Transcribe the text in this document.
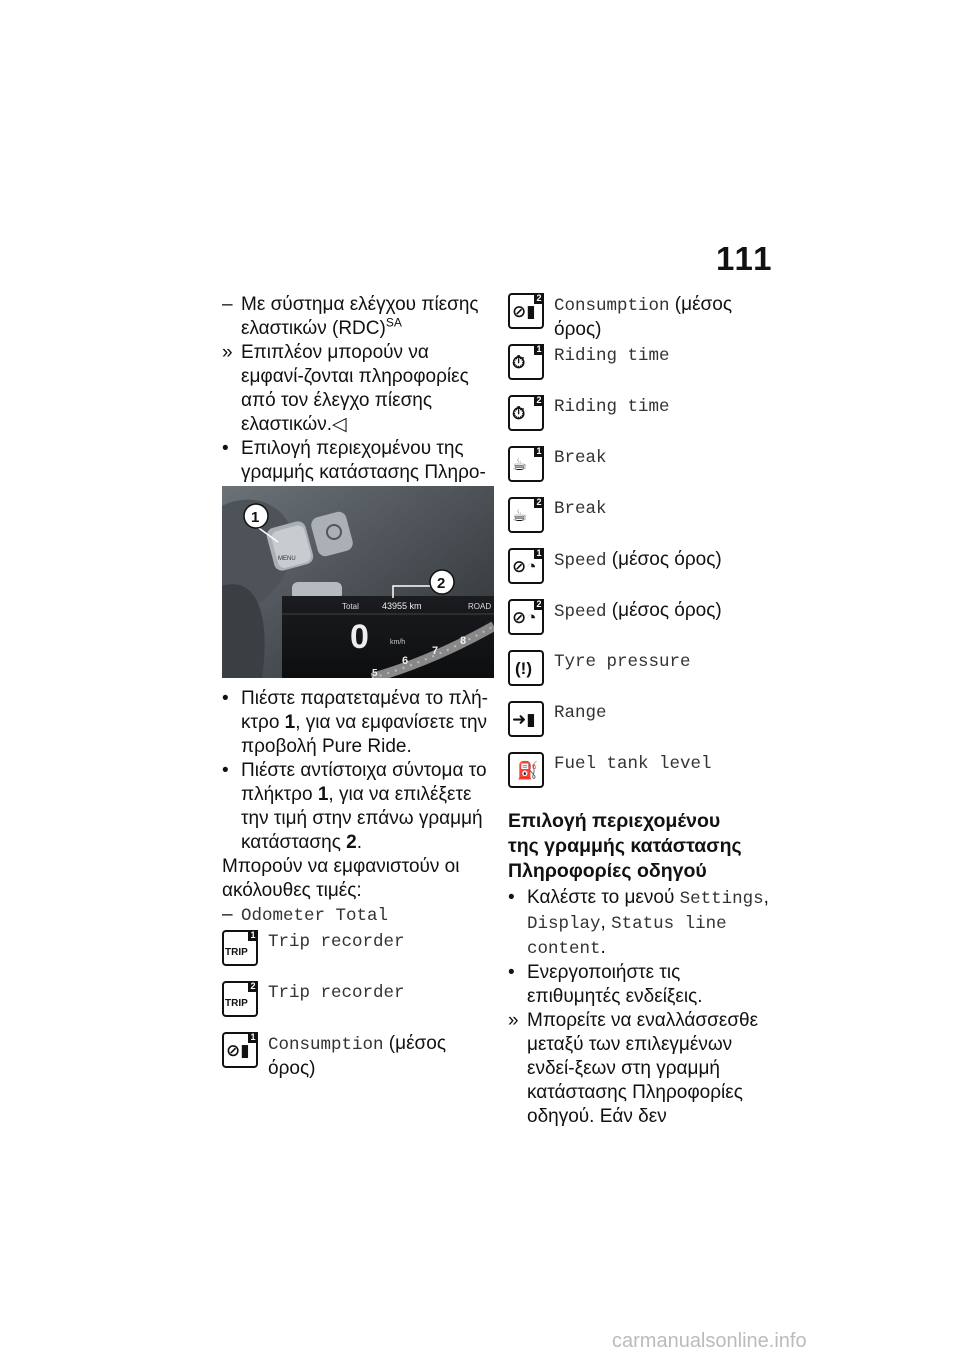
111
– Με σύστημα ελέγχου πίεσης
ελαστικών (RDC)$^{SA}$
» Επιπλέον μπορούν να εμφανί-ζονται πληροφορίες από τον έλεγχο πίεσης ελαστικών.◁
• Επιλογή περιεχομένου της γραμμής κατάστασης Πληρο-
Total	43955 km	ROAD
0	km/h
5
6
7
8
MENU
1
2
• Πιέστε παρατεταμένα το πλή-κτρο 1, για να εμφανίσετε την προβολή Pure Ride.
• Πιέστε αντίστοιχα σύντομα το πλήκτρο 1, για να επιλέξετε την τιμή στην επάνω γραμμή κατάστασης 2.

Μπορούν να εμφανιστούν οι ακόλουθες τιμές:

– Odometer Total
1
TRIP
Trip recorder
2
TRIP
Trip recorder
1
⊘▮ Consumption (μέσος όρος)
2
⊘▮ Consumption (μέσος όρος)
1
⏱ Riding time
2
⏱ Riding time
1
☕ Break
2
☕ Break
1
⊘◔ Speed (μέσος όρος)
2
⊘◔ Speed (μέσος όρος)
(!) Tyre pressure
➜▮ Range
⛽ Fuel tank level
Επιλογή περιεχομένου
της γραμμής κατάστασης
Πληροφορίες οδηγού
• Καλέστε το μενού Settings, Display, Status line content.
• Ενεργοποιήστε τις επιθυμητές ενδείξεις.
» Μπορείτε να εναλλάσσεσθε μεταξύ των επιλεγμένων ενδεί-ξεων στη γραμμή κατάστασης Πληροφορίες οδηγού. Εάν δεν
carmanualsonline.info
